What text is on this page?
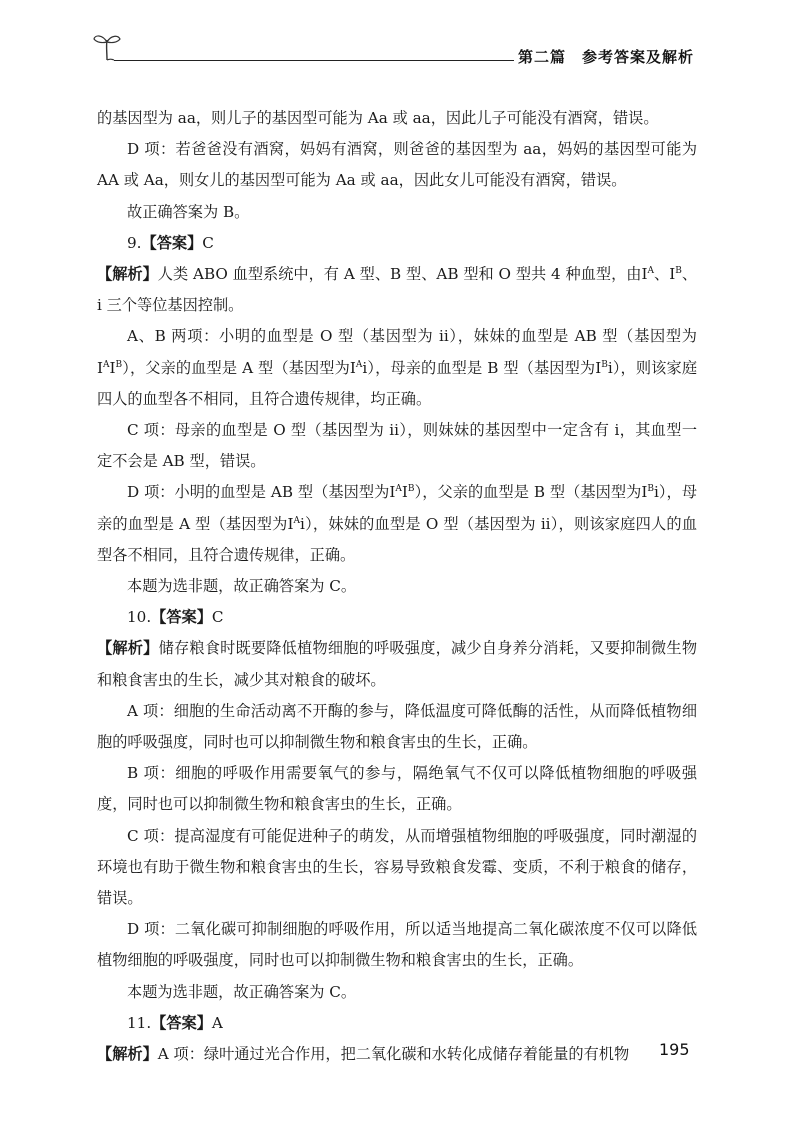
第二篇　参考答案及解析

的基因型为 aa，则儿子的基因型可能为 Aa 或 aa，因此儿子可能没有酒窝，错误。

D 项：若爸爸没有酒窝，妈妈有酒窝，则爸爸的基因型为 aa，妈妈的基因型可能为 AA 或 Aa，则女儿的基因型可能为 Aa 或 aa，因此女儿可能没有酒窝，错误。

故正确答案为 B。

9.【答案】C

【解析】人类 ABO 血型系统中，有 A 型、B 型、AB 型和 O 型共 4 种血型，由$I^A$、$I^B$、i 三个等位基因控制。

A、B 两项：小明的血型是 O 型（基因型为 ii），妹妹的血型是 AB 型（基因型为$I^AI^B$），父亲的血型是 A 型（基因型为$I^Ai$），母亲的血型是 B 型（基因型为$I^Bi$），则该家庭四人的血型各不相同，且符合遗传规律，均正确。

C 项：母亲的血型是 O 型（基因型为 ii），则妹妹的基因型中一定含有 i，其血型一定不会是 AB 型，错误。

D 项：小明的血型是 AB 型（基因型为$I^AI^B$），父亲的血型是 B 型（基因型为$I^Bi$），母亲的血型是 A 型（基因型为$I^Ai$），妹妹的血型是 O 型（基因型为 ii），则该家庭四人的血型各不相同，且符合遗传规律，正确。

本题为选非题，故正确答案为 C。

10.【答案】C

【解析】储存粮食时既要降低植物细胞的呼吸强度，减少自身养分消耗，又要抑制微生物和粮食害虫的生长，减少其对粮食的破坏。

A 项：细胞的生命活动离不开酶的参与，降低温度可降低酶的活性，从而降低植物细胞的呼吸强度，同时也可以抑制微生物和粮食害虫的生长，正确。

B 项：细胞的呼吸作用需要氧气的参与，隔绝氧气不仅可以降低植物细胞的呼吸强度，同时也可以抑制微生物和粮食害虫的生长，正确。

C 项：提高湿度有可能促进种子的萌发，从而增强植物细胞的呼吸强度，同时潮湿的环境也有助于微生物和粮食害虫的生长，容易导致粮食发霉、变质，不利于粮食的储存，错误。

D 项：二氧化碳可抑制细胞的呼吸作用，所以适当地提高二氧化碳浓度不仅可以降低植物细胞的呼吸强度，同时也可以抑制微生物和粮食害虫的生长，正确。

本题为选非题，故正确答案为 C。

11.【答案】A

【解析】A 项：绿叶通过光合作用，把二氧化碳和水转化成储存着能量的有机物	195
